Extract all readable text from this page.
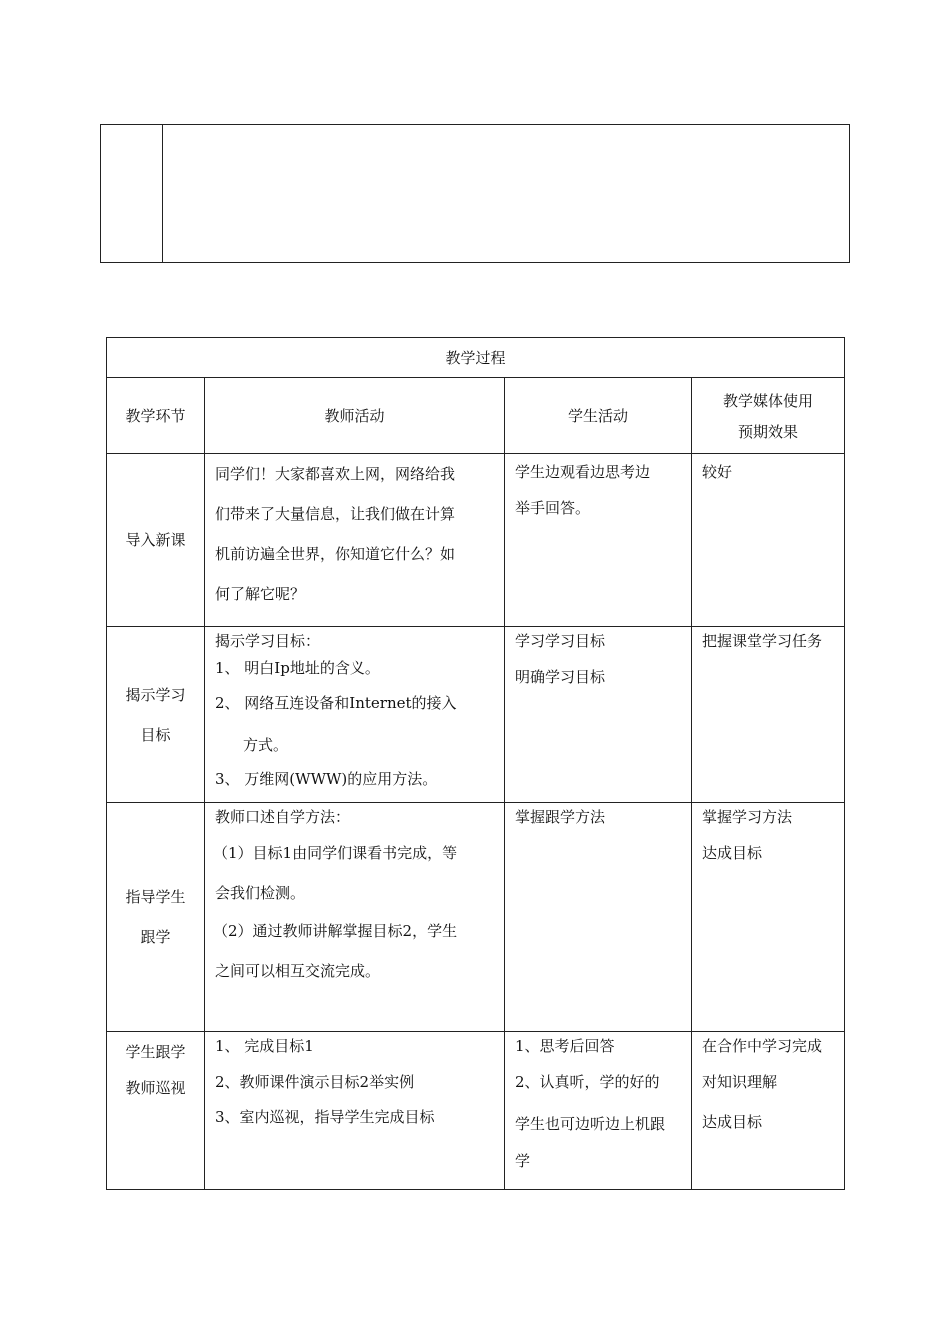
教学过程			
教学环节	教师活动	学生活动	教学媒体使用
预期效果

导入新课	同学们！大家都喜欢上网，网络给我
们带来了大量信息，让我们做在计算
机前访遍全世界，你知道它什么？如
何了解它呢？	学生边观看边思考边
举手回答。	较好

揭示学习
目标	揭示学习目标：
1、 明白Ip地址的含义。
2、 网络互连设备和Internet的接入
方式。
3、 万维网(WWW)的应用方法。	学习学习目标
明确学习目标	把握课堂学习任务

指导学生
跟学	教师口述自学方法：
（1）目标1由同学们课看书完成，等
会我们检测。
（2）通过教师讲解掌握目标2，学生
之间可以相互交流完成。	掌握跟学方法	掌握学习方法
达成目标

学生跟学
教师巡视	1、 完成目标1
2、教师课件演示目标2举实例
3、室内巡视，指导学生完成目标	1、思考后回答
2、认真听，学的好的
学生也可边听边上机跟
学	在合作中学习完成
对知识理解
达成目标
